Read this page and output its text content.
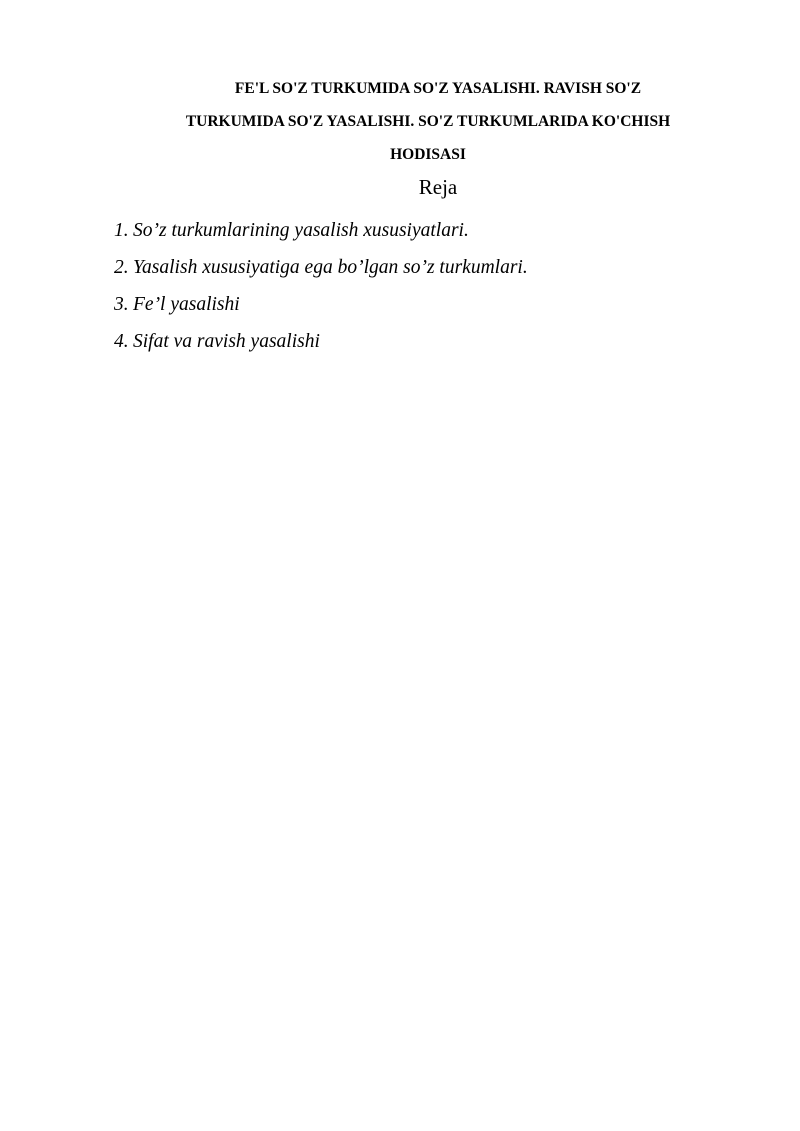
FE'L SO'Z TURKUMIDA SO'Z YASALISHI. RAVISH SO'Z
TURKUMIDA SO'Z YASALISHI. SO'Z TURKUMLARIDA KO'CHISH
HODISASI
Reja
1. So’z turkumlarining yasalish xususiyatlari.
2. Yasalish xususiyatiga ega bo’lgan so’z turkumlari.
3. Fe’l yasalishi
4. Sifat va ravish yasalishi
